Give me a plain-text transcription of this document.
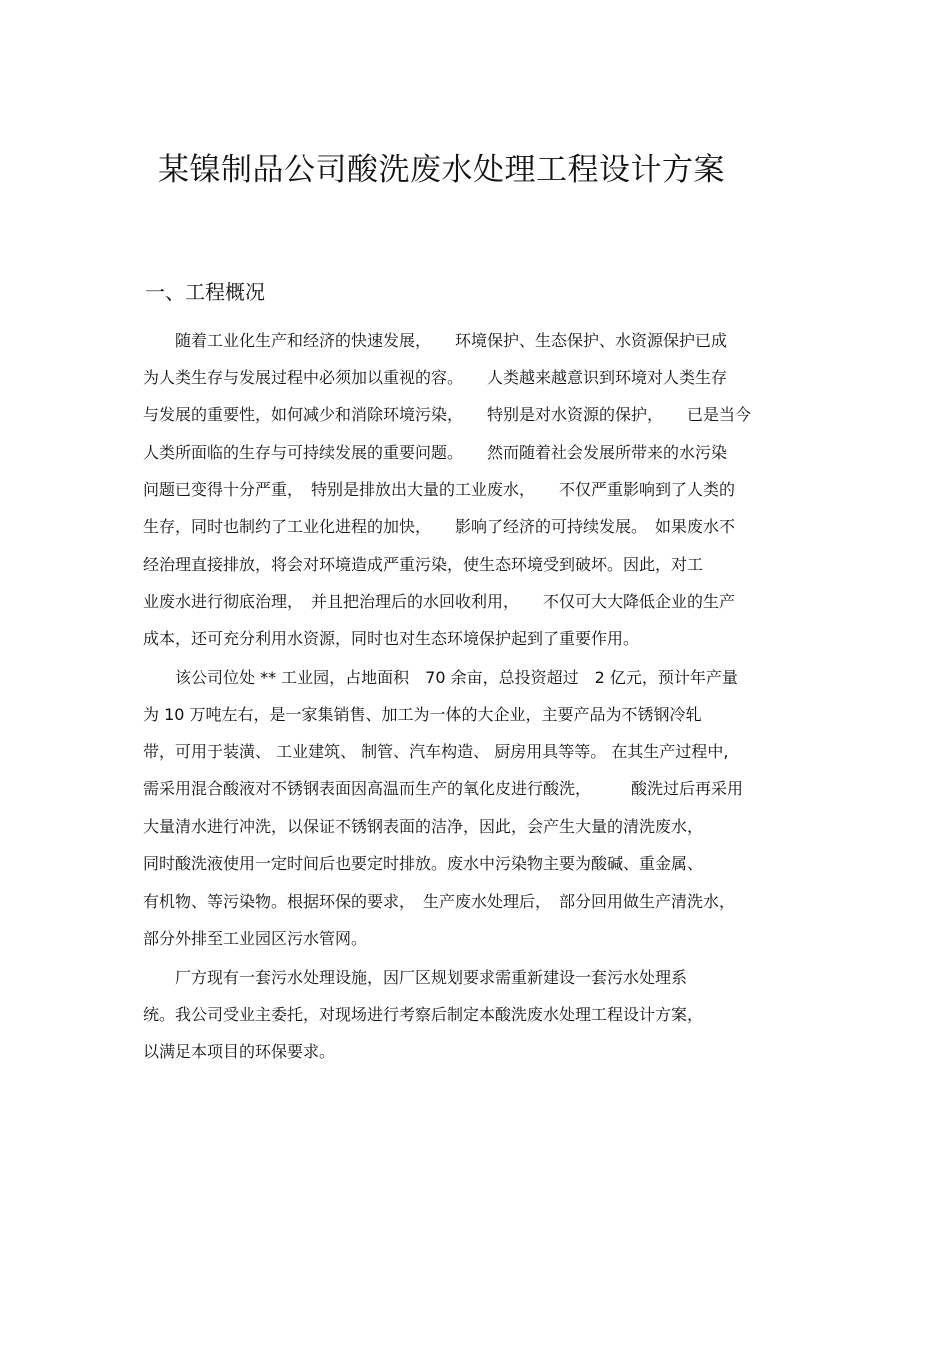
某镍制品公司酸洗废水处理工程设计方案
一、工程概况
　　随着工业化生产和经济的快速发展，　　环境保护、生态保护、水资源保护已成
为人类生存与发展过程中必须加以重视的容。　　人类越来越意识到环境对人类生存
与发展的重要性，如何减少和消除环境污染，　　特别是对水资源的保护，　　已是当今
人类所面临的生存与可持续发展的重要问题。　　然而随着社会发展所带来的水污染
问题已变得十分严重，　特别是排放出大量的工业废水，　　不仅严重影响到了人类的
生存，同时也制约了工业化进程的加快，　　影响了经济的可持续发展。　如果废水不
经治理直接排放，将会对环境造成严重污染，使生态环境受到破坏。因此，对工
业废水进行彻底治理，　并且把治理后的水回收利用，　　不仅可大大降低企业的生产
成本，还可充分利用水资源，同时也对生态环境保护起到了重要作用。
　　该公司位处 ** 工业园，占地面积　70 余亩，总投资超过　2 亿元，预计年产量
为 10 万吨左右，是一家集销售、加工为一体的大企业，主要产品为不锈钢冷轧
带，可用于装潢、 工业建筑、 制管、汽车构造、 厨房用具等等。 在其生产过程中,
需采用混合酸液对不锈钢表面因高温而生产的氧化皮进行酸洗，　　　酸洗过后再采用
大量清水进行冲洗，以保证不锈钢表面的洁净，因此，会产生大量的清洗废水，
同时酸洗液使用一定时间后也要定时排放。废水中污染物主要为酸碱、重金属、
有机物、等污染物。根据环保的要求，　生产废水处理后，　部分回用做生产清洗水，
部分外排至工业园区污水管网。
　　厂方现有一套污水处理设施，因厂区规划要求需重新建设一套污水处理系
统。我公司受业主委托，对现场进行考察后制定本酸洗废水处理工程设计方案，
以满足本项目的环保要求。
